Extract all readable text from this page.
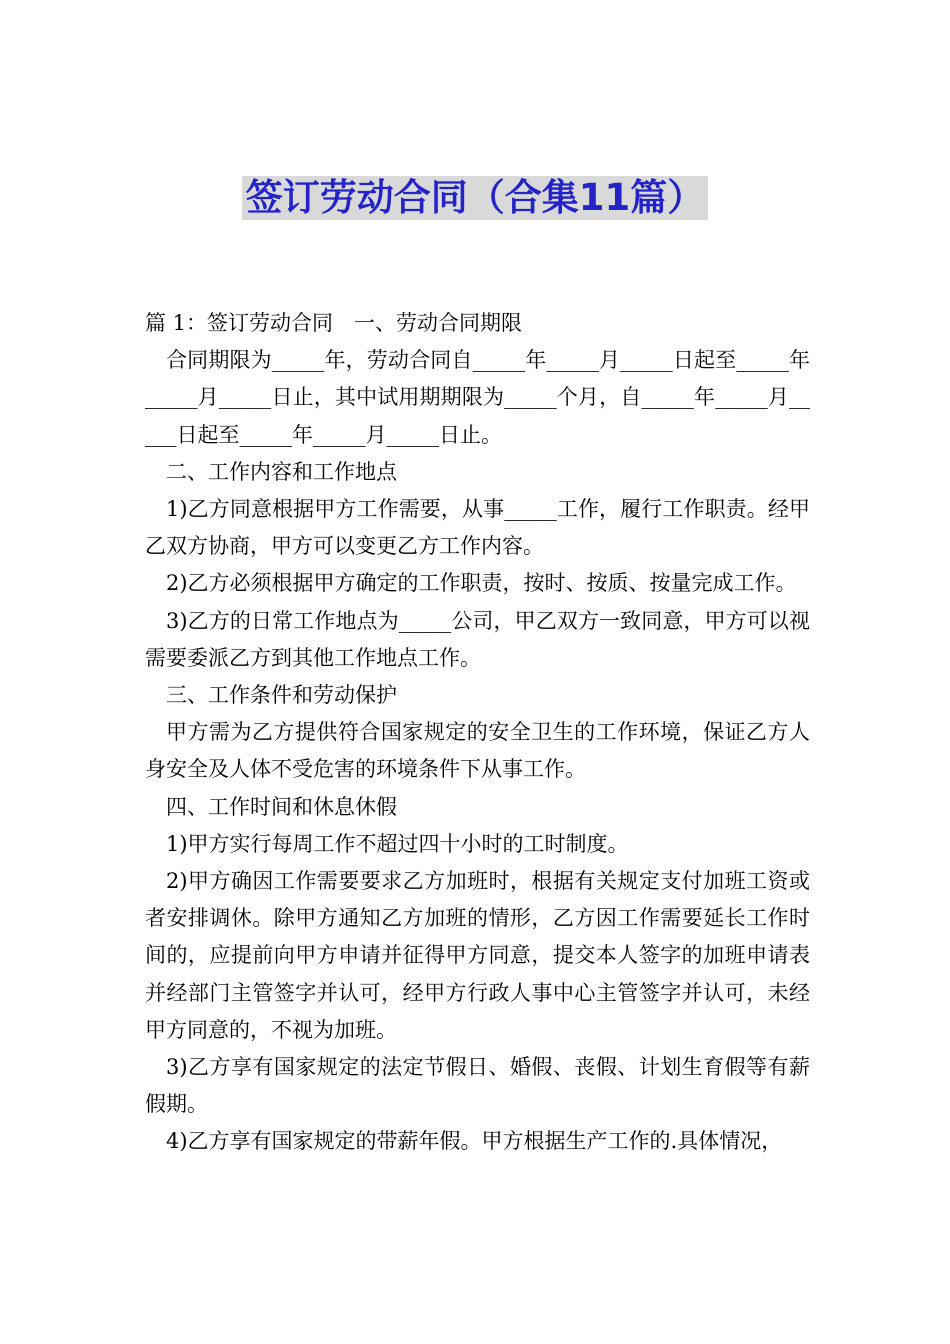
签订劳动合同（合集11篇）

篇 1：签订劳动合同　一、劳动合同期限

合同期限为_____年，劳动合同自_____年_____月_____日起至_____年_____月_____日止，其中试用期期限为_____个月，自_____年_____月_____日起至_____年_____月_____日止。

二、工作内容和工作地点

1)乙方同意根据甲方工作需要，从事_____工作，履行工作职责。经甲乙双方协商，甲方可以变更乙方工作内容。

2)乙方必须根据甲方确定的工作职责，按时、按质、按量完成工作。

3)乙方的日常工作地点为_____公司，甲乙双方一致同意，甲方可以视需要委派乙方到其他工作地点工作。

三、工作条件和劳动保护

甲方需为乙方提供符合国家规定的安全卫生的工作环境，保证乙方人身安全及人体不受危害的环境条件下从事工作。

四、工作时间和休息休假

1)甲方实行每周工作不超过四十小时的工时制度。

2)甲方确因工作需要要求乙方加班时，根据有关规定支付加班工资或者安排调休。除甲方通知乙方加班的情形，乙方因工作需要延长工作时间的，应提前向甲方申请并征得甲方同意，提交本人签字的加班申请表并经部门主管签字并认可，经甲方行政人事中心主管签字并认可，未经甲方同意的，不视为加班。

3)乙方享有国家规定的法定节假日、婚假、丧假、计划生育假等有薪假期。

4)乙方享有国家规定的带薪年假。甲方根据生产工作的.具体情况，
